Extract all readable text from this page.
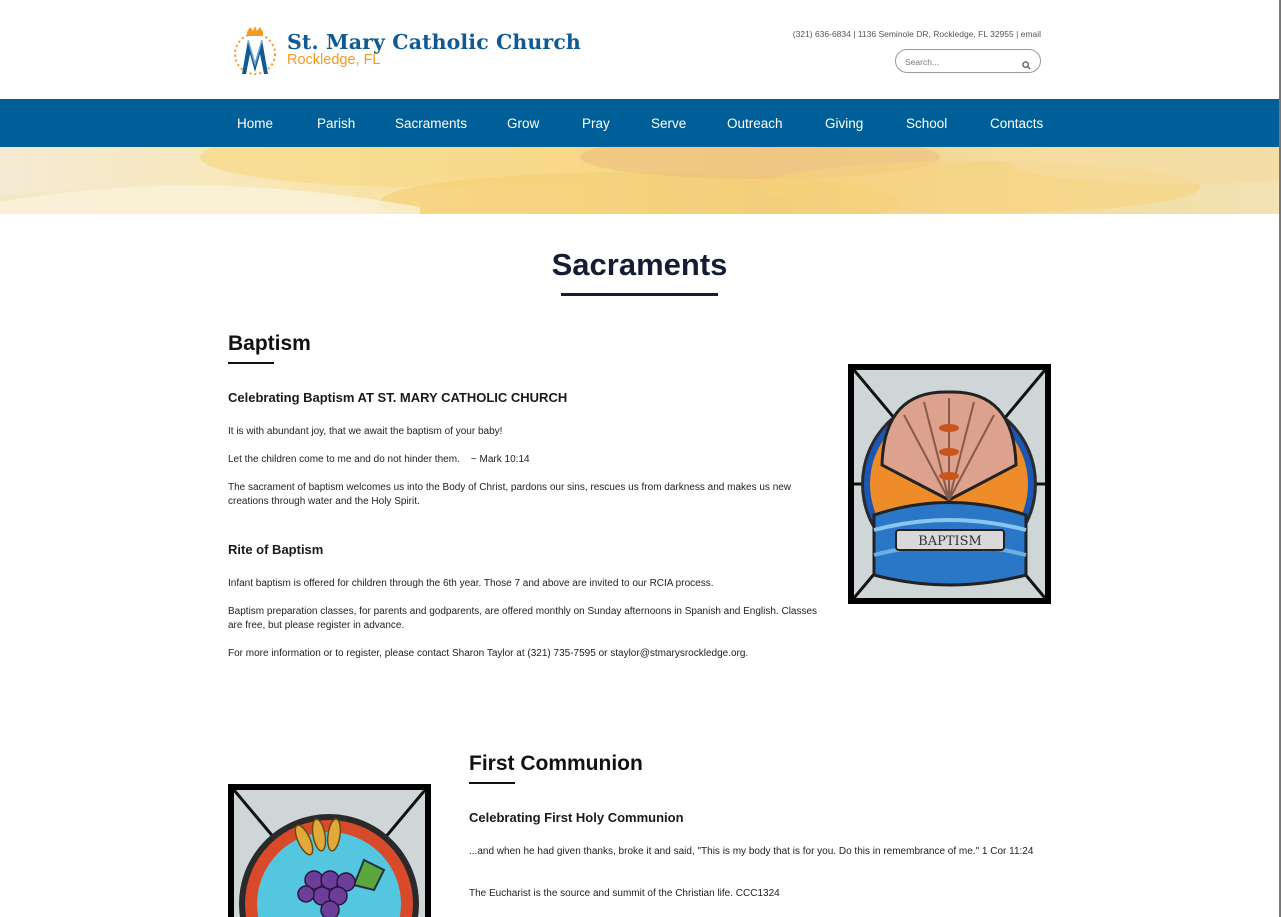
St. Mary Catholic Church
Rockledge, FL
(321) 636-6834 | 1136 Seminole DR, Rockledge, FL 32955 | email
Search...
Home	Parish	Sacraments	Grow	Pray	Serve	Outreach	Giving	School	Contacts
Sacraments
Baptism
Celebrating Baptism AT ST. MARY CATHOLIC CHURCH

It is with abundant joy, that we await the baptism of your baby!

Let the children come to me and do not hinder them.    ~ Mark 10:14

The sacrament of baptism welcomes us into the Body of Christ, pardons our sins, rescues us from darkness and makes us new creations through water and the Holy Spirit.

Rite of Baptism

Infant baptism is offered for children through the 6th year. Those 7 and above are invited to our RCIA process.

Baptism preparation classes, for parents and godparents, are offered monthly on Sunday afternoons in Spanish and English. Classes are free, but please register in advance.

For more information or to register, please contact Sharon Taylor at (321) 735-7595 or staylor@stmarysrockledge.org.

BAPTISM
First Communion
Celebrating First Holy Communion

...and when he had given thanks, broke it and said, "This is my body that is for you. Do this in remembrance of me." 1 Cor 11:24

The Eucharist is the source and summit of the Christian life. CCC1324
